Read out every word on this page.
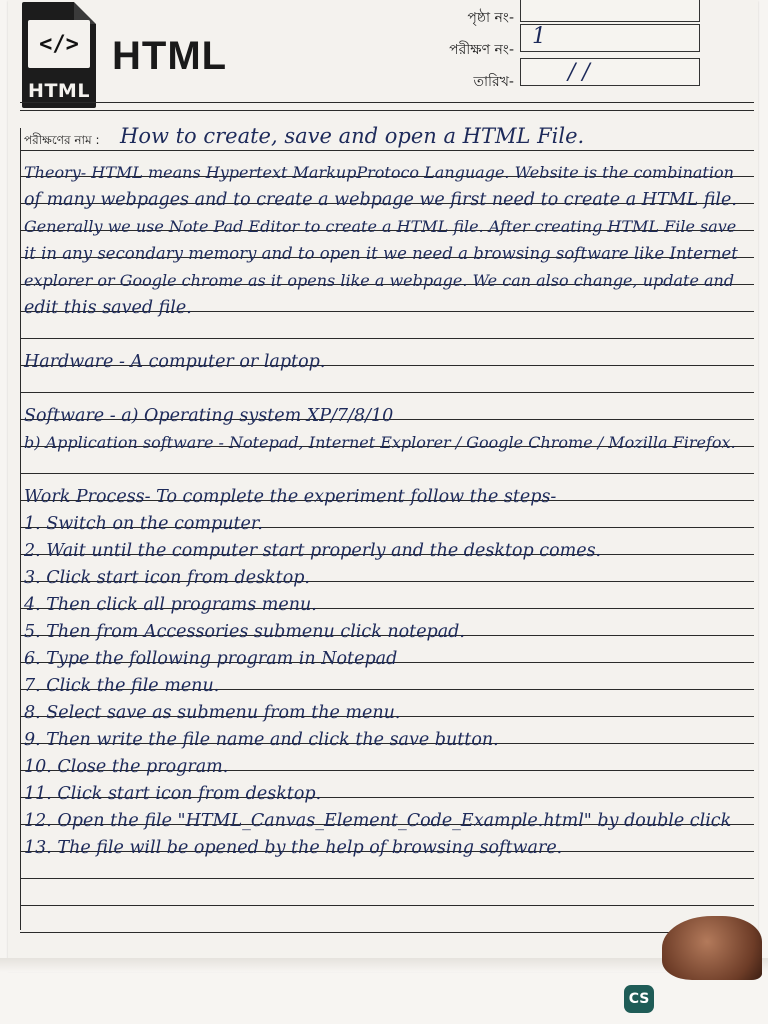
</>
HTML
HTML
পৃষ্ঠা নং-
পরীক্ষণ নং-
1
তারিখ- / /
পরীক্ষণের নাম : How to create, save and open a HTML File.
Theory- HTML means Hypertext MarkupProtoco Language. Website is the combination
of many webpages and to create a webpage we first need to create a HTML file.
Generally we use Note Pad Editor to create a HTML file. After creating HTML File save
it in any secondary memory and to open it we need a browsing software like Internet
explorer or Google chrome as it opens like a webpage. We can also change, update and
edit this saved file.
Hardware - A computer or laptop.
Software - a) Operating system XP/7/8/10
b) Application software - Notepad, Internet Explorer / Google Chrome / Mozilla Firefox.
Work Process- To complete the experiment follow the steps-
1. Switch on the computer.
2. Wait until the computer start properly and the desktop comes.
3. Click start icon from desktop.
4. Then click all programs menu.
5. Then from Accessories submenu click notepad.
6. Type the following program in Notepad
7. Click the file menu.
8. Select save as submenu from the menu.
9. Then write the file name and click the save button.
10. Close the program.
11. Click start icon from desktop.
12. Open the file "HTML_Canvas_Element_Code_Example.html" by double click
13. The file will be opened by the help of browsing software.
CS
